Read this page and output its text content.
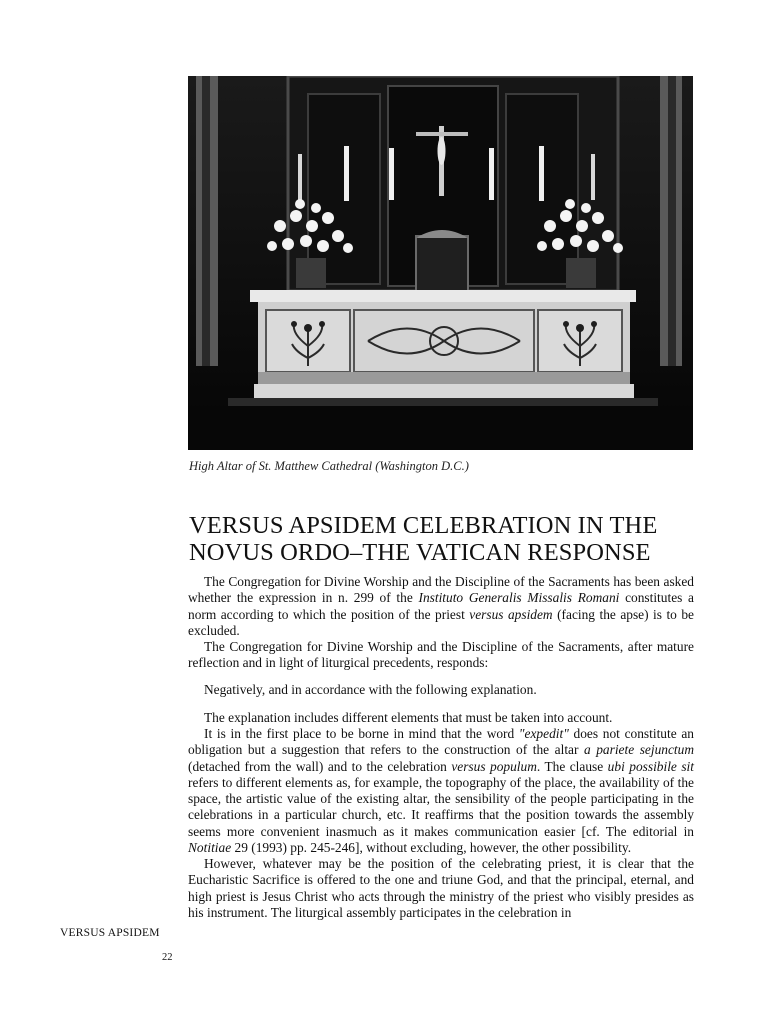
High Altar of St. Matthew Cathedral (Washington D.C.)
VERSUS APSIDEM CELEBRATION IN THE
NOVUS ORDO–THE VATICAN RESPONSE

The Congregation for Divine Worship and the Discipline of the Sacraments has been asked whether the expression in n. 299 of the Instituto Generalis Missalis Romani constitutes a norm according to which the position of the priest versus apsidem (facing the apse) is to be excluded.

The Congregation for Divine Worship and the Discipline of the Sacraments, after mature reflection and in light of liturgical precedents, responds:

Negatively, and in accordance with the following explanation.

The explanation includes different elements that must be taken into account.

It is in the first place to be borne in mind that the word "expedit" does not constitute an obligation but a suggestion that refers to the construction of the altar a pariete sejunctum (detached from the wall) and to the celebration versus populum. The clause ubi possibile sit refers to different elements as, for example, the topography of the place, the availability of the space, the artistic value of the existing altar, the sensibility of the people participating in the celebrations in a particular church, etc. It reaffirms that the position towards the assembly seems more convenient inasmuch as it makes communication easier [cf. The editorial in Notitiae 29 (1993) pp. 245-246], without excluding, however, the other possibility.

However, whatever may be the position of the celebrating priest, it is clear that the Eucharistic Sacrifice is offered to the one and triune God, and that the principal, eternal, and high priest is Jesus Christ who acts through the ministry of the priest who visibly presides as his instrument. The liturgical assembly participates in the celebration in

VERSUS APSIDEM
22
